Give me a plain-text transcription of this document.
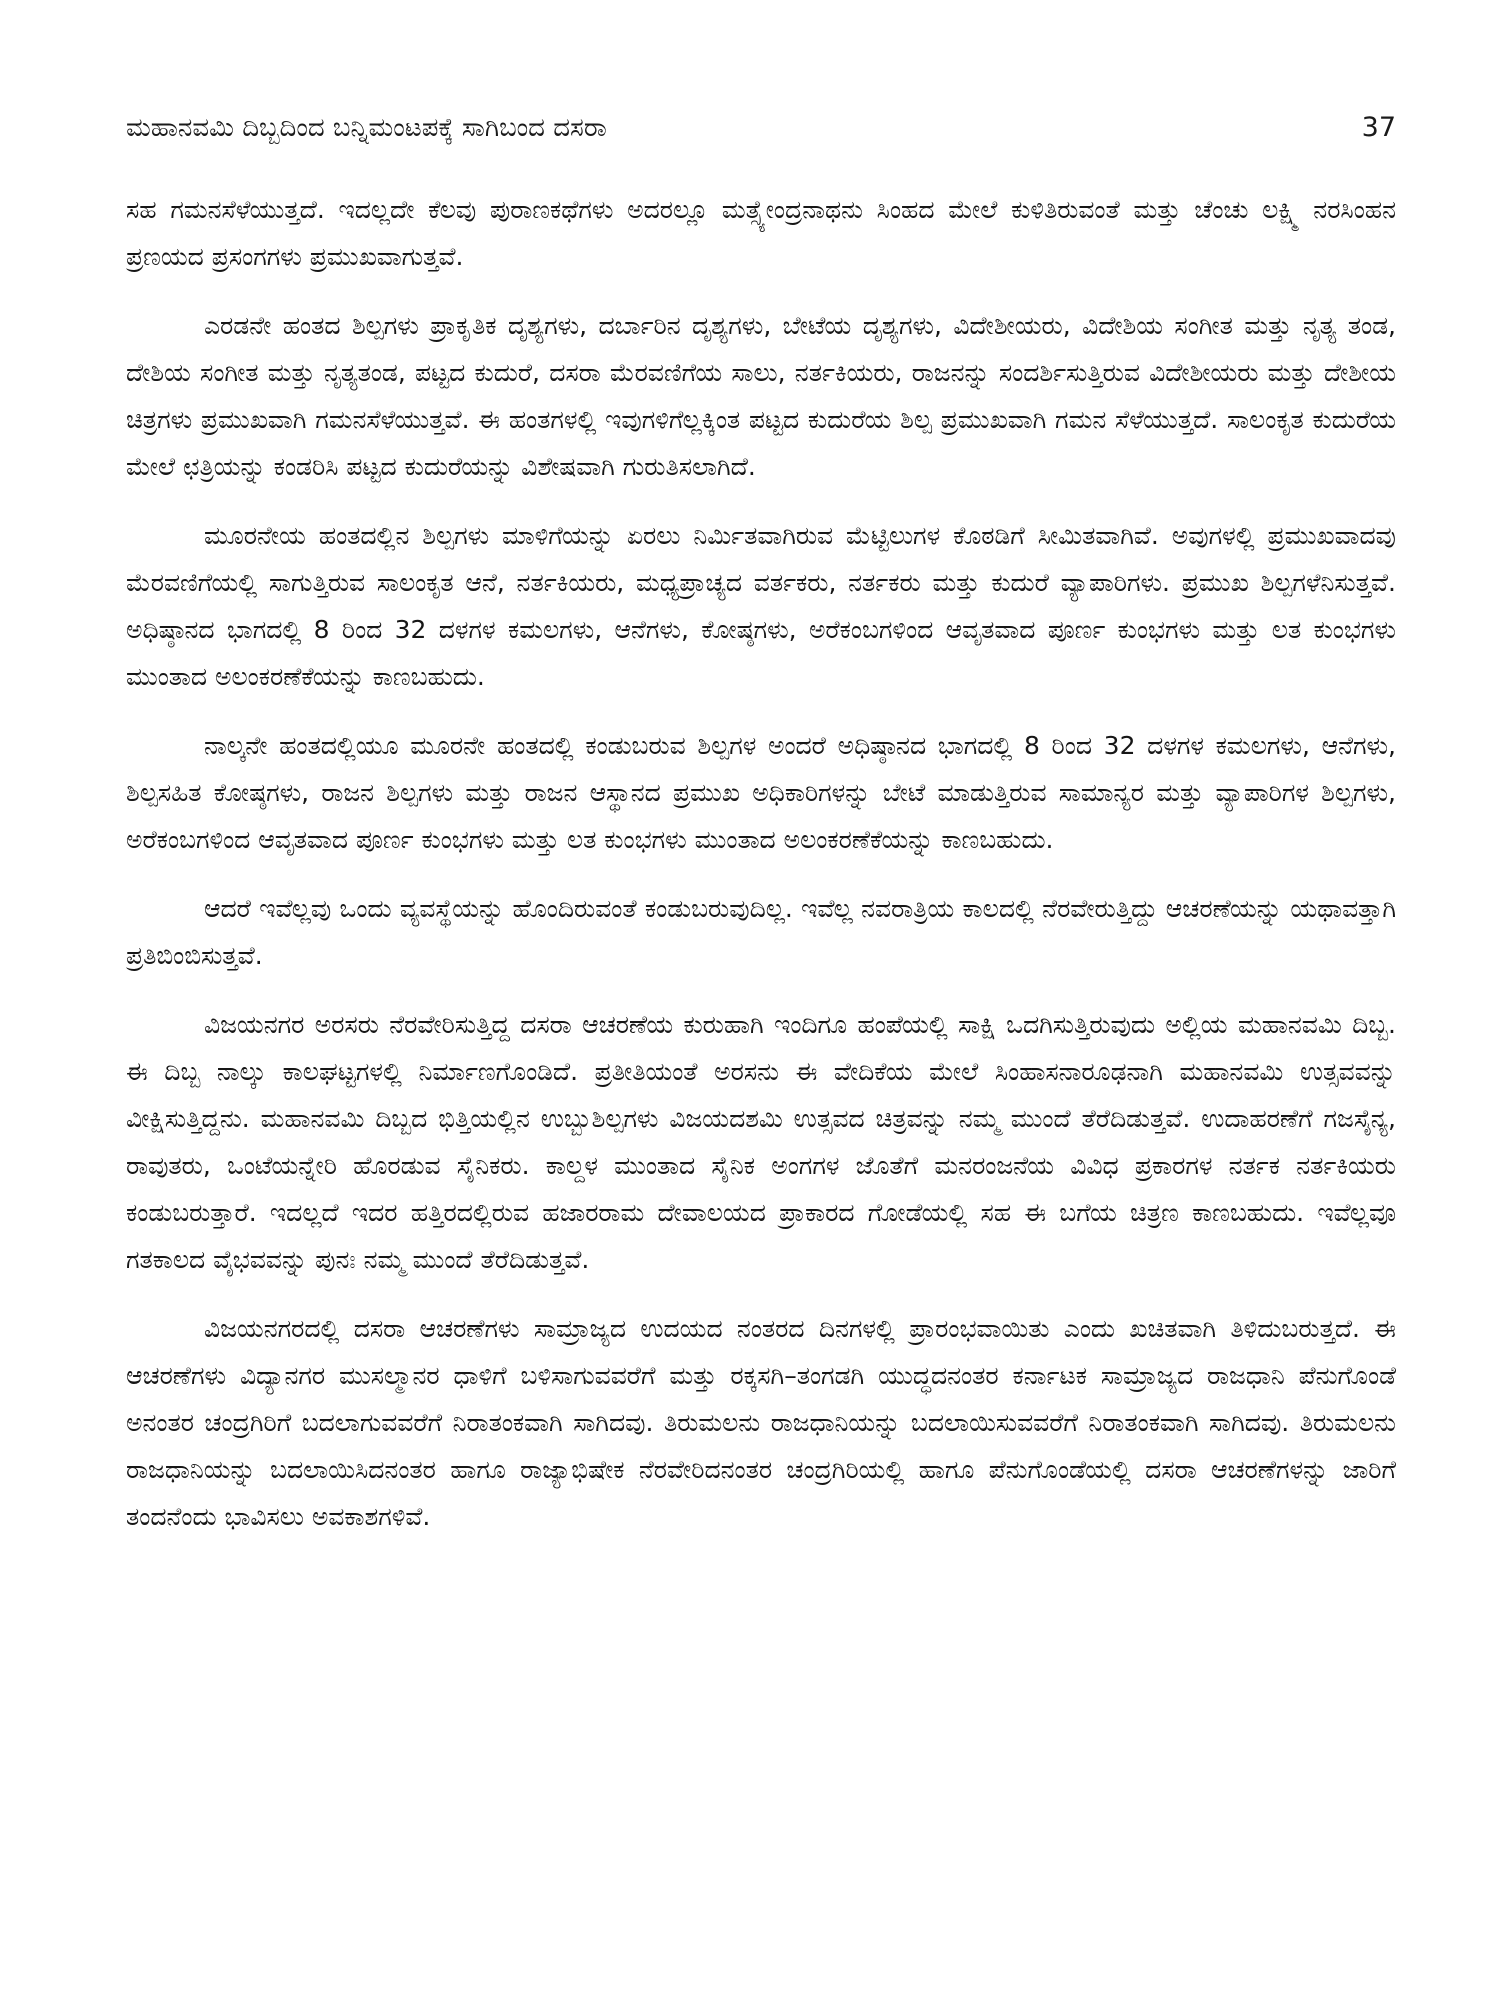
ಮಹಾನವಮಿ ದಿಬ್ಬದಿಂದ ಬನ್ನಿಮಂಟಪಕ್ಕೆ ಸಾಗಿಬಂದ ದಸರಾ	37

ಸಹ ಗಮನಸೆಳೆಯುತ್ತದೆ. ಇದಲ್ಲದೇ ಕೆಲವು ಪುರಾಣಕಥೆಗಳು ಅದರಲ್ಲೂ ಮತ್ಸ್ಯೇಂದ್ರನಾಥನು ಸಿಂಹದ ಮೇಲೆ ಕುಳಿತಿರುವಂತೆ ಮತ್ತು ಚೆಂಚು ಲಕ್ಷ್ಮಿ ನರಸಿಂಹನ ಪ್ರಣಯದ ಪ್ರಸಂಗಗಳು ಪ್ರಮುಖವಾಗುತ್ತವೆ.

ಎರಡನೇ ಹಂತದ ಶಿಲ್ಪಗಳು ಪ್ರಾಕೃತಿಕ ದೃಶ್ಯಗಳು, ದರ್ಬಾರಿನ ದೃಶ್ಯಗಳು, ಬೇಟೆಯ ದೃಶ್ಯಗಳು, ವಿದೇಶೀಯರು, ವಿದೇಶಿಯ ಸಂಗೀತ ಮತ್ತು ನೃತ್ಯ ತಂಡ, ದೇಶಿಯ ಸಂಗೀತ ಮತ್ತು ನೃತ್ಯತಂಡ, ಪಟ್ಟದ ಕುದುರೆ, ದಸರಾ ಮೆರವಣಿಗೆಯ ಸಾಲು, ನರ್ತಕಿಯರು, ರಾಜನನ್ನು ಸಂದರ್ಶಿಸುತ್ತಿರುವ ವಿದೇಶೀಯರು ಮತ್ತು ದೇಶೀಯ ಚಿತ್ರಗಳು ಪ್ರಮುಖವಾಗಿ ಗಮನಸೆಳೆಯುತ್ತವೆ. ಈ ಹಂತಗಳಲ್ಲಿ ಇವುಗಳಿಗೆಲ್ಲಕ್ಕಿಂತ ಪಟ್ಟದ ಕುದುರೆಯ ಶಿಲ್ಪ ಪ್ರಮುಖವಾಗಿ ಗಮನ ಸೆಳೆಯುತ್ತದೆ. ಸಾಲಂಕೃತ ಕುದುರೆಯ ಮೇಲೆ ಛತ್ರಿಯನ್ನು ಕಂಡರಿಸಿ ಪಟ್ಟದ ಕುದುರೆಯನ್ನು ವಿಶೇಷವಾಗಿ ಗುರುತಿಸಲಾಗಿದೆ.

ಮೂರನೇಯ ಹಂತದಲ್ಲಿನ ಶಿಲ್ಪಗಳು ಮಾಳಿಗೆಯನ್ನು ಏರಲು ನಿರ್ಮಿತವಾಗಿರುವ ಮೆಟ್ಟಿಲುಗಳ ಕೊಠಡಿಗೆ ಸೀಮಿತವಾಗಿವೆ. ಅವುಗಳಲ್ಲಿ ಪ್ರಮುಖವಾದವು ಮೆರವಣಿಗೆಯಲ್ಲಿ ಸಾಗುತ್ತಿರುವ ಸಾಲಂಕೃತ ಆನೆ, ನರ್ತಕಿಯರು, ಮಧ್ಯಪ್ರಾಚ್ಯದ ವರ್ತಕರು, ನರ್ತಕರು ಮತ್ತು ಕುದುರೆ ವ್ಯಾಪಾರಿಗಳು. ಪ್ರಮುಖ ಶಿಲ್ಪಗಳೆನಿಸುತ್ತವೆ. ಅಧಿಷ್ಠಾನದ ಭಾಗದಲ್ಲಿ 8 ರಿಂದ 32 ದಳಗಳ ಕಮಲಗಳು, ಆನೆಗಳು, ಕೋಷ್ಠಗಳು, ಅರೆಕಂಬಗಳಿಂದ ಆವೃತವಾದ ಪೂರ್ಣ ಕುಂಭಗಳು ಮತ್ತು ಲತ ಕುಂಭಗಳು ಮುಂತಾದ ಅಲಂಕರಣೆಕೆಯನ್ನು ಕಾಣಬಹುದು.

ನಾಲ್ಕನೇ ಹಂತದಲ್ಲಿಯೂ ಮೂರನೇ ಹಂತದಲ್ಲಿ ಕಂಡುಬರುವ ಶಿಲ್ಪಗಳ ಅಂದರೆ ಅಧಿಷ್ಠಾನದ ಭಾಗದಲ್ಲಿ 8 ರಿಂದ 32 ದಳಗಳ ಕಮಲಗಳು, ಆನೆಗಳು, ಶಿಲ್ಪಸಹಿತ ಕೋಷ್ಠಗಳು, ರಾಜನ ಶಿಲ್ಪಗಳು ಮತ್ತು ರಾಜನ ಆಸ್ಥಾನದ ಪ್ರಮುಖ ಅಧಿಕಾರಿಗಳನ್ನು ಬೇಟೆ ಮಾಡುತ್ತಿರುವ ಸಾಮಾನ್ಯರ ಮತ್ತು ವ್ಯಾಪಾರಿಗಳ ಶಿಲ್ಪಗಳು, ಅರೆಕಂಬಗಳಿಂದ ಆವೃತವಾದ ಪೂರ್ಣ ಕುಂಭಗಳು ಮತ್ತು ಲತ ಕುಂಭಗಳು ಮುಂತಾದ ಅಲಂಕರಣೆಕೆಯನ್ನು ಕಾಣಬಹುದು.

ಆದರೆ ಇವೆಲ್ಲವು ಒಂದು ವ್ಯವಸ್ಥೆಯನ್ನು ಹೊಂದಿರುವಂತೆ ಕಂಡುಬರುವುದಿಲ್ಲ. ಇವೆಲ್ಲ ನವರಾತ್ರಿಯ ಕಾಲದಲ್ಲಿ ನೆರವೇರುತ್ತಿದ್ದು ಆಚರಣೆಯನ್ನು ಯಥಾವತ್ತಾಗಿ ಪ್ರತಿಬಿಂಬಿಸುತ್ತವೆ.

ವಿಜಯನಗರ ಅರಸರು ನೆರವೇರಿಸುತ್ತಿದ್ದ ದಸರಾ ಆಚರಣೆಯ ಕುರುಹಾಗಿ ಇಂದಿಗೂ ಹಂಪೆಯಲ್ಲಿ ಸಾಕ್ಷಿ ಒದಗಿಸುತ್ತಿರುವುದು ಅಲ್ಲಿಯ ಮಹಾನವಮಿ ದಿಬ್ಬ. ಈ ದಿಬ್ಬ ನಾಲ್ಕು ಕಾಲಘಟ್ಟಗಳಲ್ಲಿ ನಿರ್ಮಾಣಗೊಂಡಿದೆ. ಪ್ರತೀತಿಯಂತೆ ಅರಸನು ಈ ವೇದಿಕೆಯ ಮೇಲೆ ಸಿಂಹಾಸನಾರೂಢನಾಗಿ ಮಹಾನವಮಿ ಉತ್ಸವವನ್ನು ವೀಕ್ಷಿಸುತ್ತಿದ್ದನು. ಮಹಾನವಮಿ ದಿಬ್ಬದ ಭಿತ್ತಿಯಲ್ಲಿನ ಉಬ್ಬುಶಿಲ್ಪಗಳು ವಿಜಯದಶಮಿ ಉತ್ಸವದ ಚಿತ್ರವನ್ನು ನಮ್ಮ ಮುಂದೆ ತೆರೆದಿಡುತ್ತವೆ. ಉದಾಹರಣೆಗೆ ಗಜಸೈನ್ಯ, ರಾವುತರು, ಒಂಟೆಯನ್ನೇರಿ ಹೊರಡುವ ಸೈನಿಕರು. ಕಾಲ್ದಳ ಮುಂತಾದ ಸೈನಿಕ ಅಂಗಗಳ ಜೊತೆಗೆ ಮನರಂಜನೆಯ ವಿವಿಧ ಪ್ರಕಾರಗಳ ನರ್ತಕ ನರ್ತಕಿಯರು ಕಂಡುಬರುತ್ತಾರೆ. ಇದಲ್ಲದೆ ಇದರ ಹತ್ತಿರದಲ್ಲಿರುವ ಹಜಾರರಾಮ ದೇವಾಲಯದ ಪ್ರಾಕಾರದ ಗೋಡೆಯಲ್ಲಿ ಸಹ ಈ ಬಗೆಯ ಚಿತ್ರಣ ಕಾಣಬಹುದು. ಇವೆಲ್ಲವೂ ಗತಕಾಲದ ವೈಭವವನ್ನು ಪುನಃ ನಮ್ಮ ಮುಂದೆ ತೆರೆದಿಡುತ್ತವೆ.

ವಿಜಯನಗರದಲ್ಲಿ ದಸರಾ ಆಚರಣೆಗಳು ಸಾಮ್ರಾಜ್ಯದ ಉದಯದ ನಂತರದ ದಿನಗಳಲ್ಲಿ ಪ್ರಾರಂಭವಾಯಿತು ಎಂದು ಖಚಿತವಾಗಿ ತಿಳಿದುಬರುತ್ತದೆ. ಈ ಆಚರಣೆಗಳು ವಿದ್ಯಾನಗರ ಮುಸಲ್ಮಾನರ ಧಾಳಿಗೆ ಬಳಿಸಾಗುವವರೆಗೆ ಮತ್ತು ರಕ್ಕಸಗಿ–ತಂಗಡಗಿ ಯುದ್ಧದನಂತರ ಕರ್ನಾಟಕ ಸಾಮ್ರಾಜ್ಯದ ರಾಜಧಾನಿ ಪೆನುಗೊಂಡೆ ಅನಂತರ ಚಂದ್ರಗಿರಿಗೆ ಬದಲಾಗುವವರೆಗೆ ನಿರಾತಂಕವಾಗಿ ಸಾಗಿದವು. ತಿರುಮಲನು ರಾಜಧಾನಿಯನ್ನು ಬದಲಾಯಿಸುವವರೆಗೆ ನಿರಾತಂಕವಾಗಿ ಸಾಗಿದವು. ತಿರುಮಲನು ರಾಜಧಾನಿಯನ್ನು ಬದಲಾಯಿಸಿದನಂತರ ಹಾಗೂ ರಾಜ್ಯಾಭಿಷೇಕ ನೆರವೇರಿದನಂತರ ಚಂದ್ರಗಿರಿಯಲ್ಲಿ ಹಾಗೂ ಪೆನುಗೊಂಡೆಯಲ್ಲಿ ದಸರಾ ಆಚರಣೆಗಳನ್ನು ಜಾರಿಗೆ ತಂದನೆಂದು ಭಾವಿಸಲು ಅವಕಾಶಗಳಿವೆ.
